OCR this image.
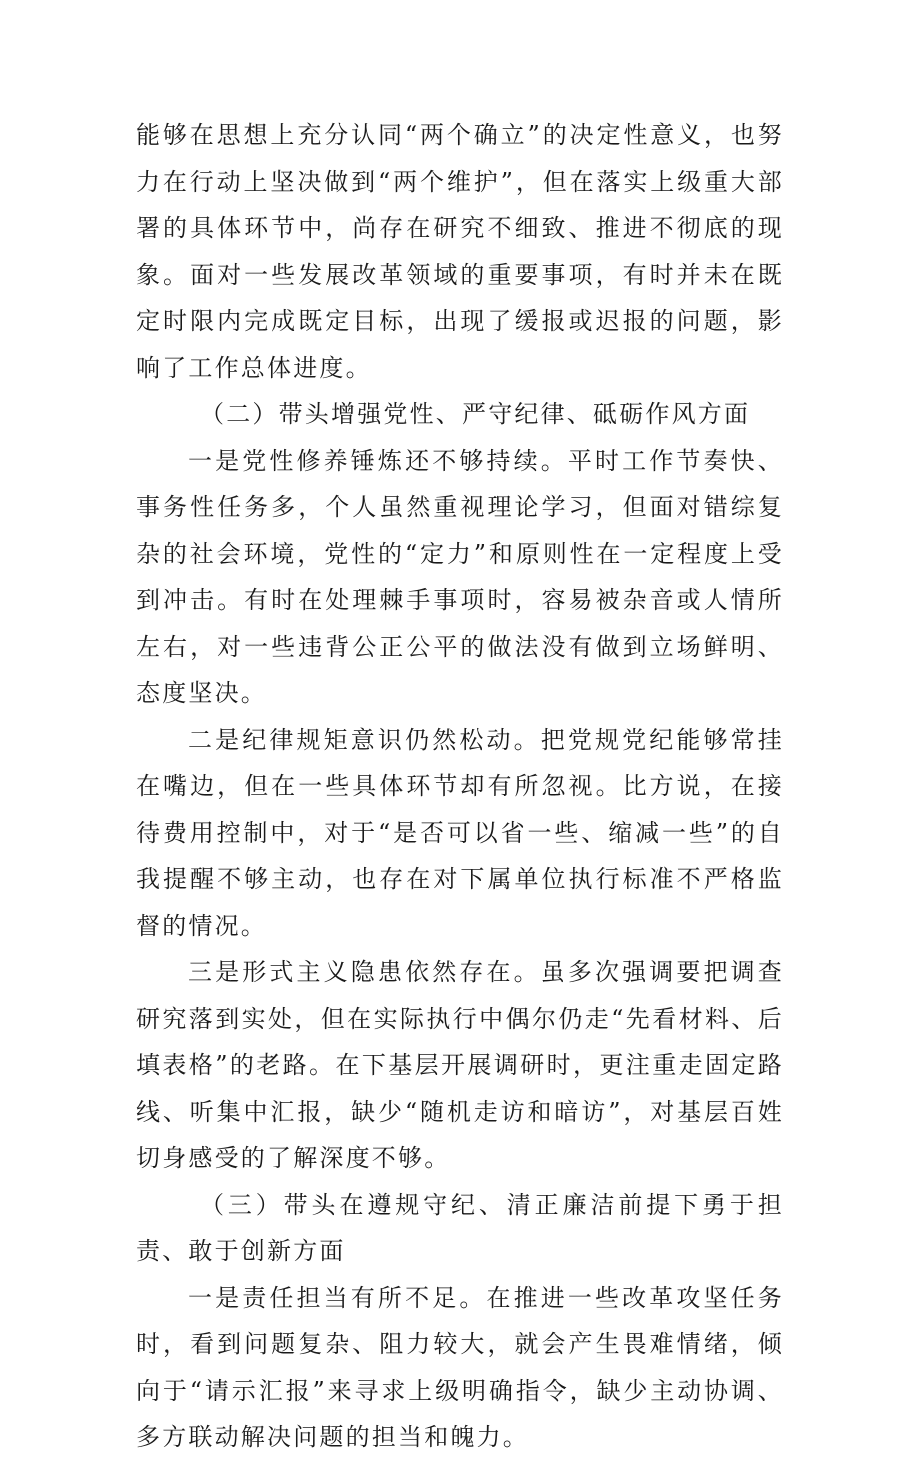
能够在思想上充分认同“两个确立”的决定性意义，也努力在行动上坚决做到“两个维护”，但在落实上级重大部署的具体环节中，尚存在研究不细致、推进不彻底的现象。面对一些发展改革领域的重要事项，有时并未在既定时限内完成既定目标，出现了缓报或迟报的问题，影响了工作总体进度。

（二）带头增强党性、严守纪律、砥砺作风方面

一是党性修养锤炼还不够持续。平时工作节奏快、事务性任务多，个人虽然重视理论学习，但面对错综复杂的社会环境，党性的“定力”和原则性在一定程度上受到冲击。有时在处理棘手事项时，容易被杂音或人情所左右，对一些违背公正公平的做法没有做到立场鲜明、态度坚决。

二是纪律规矩意识仍然松动。把党规党纪能够常挂在嘴边，但在一些具体环节却有所忽视。比方说，在接待费用控制中，对于“是否可以省一些、缩减一些”的自我提醒不够主动，也存在对下属单位执行标准不严格监督的情况。

三是形式主义隐患依然存在。虽多次强调要把调查研究落到实处，但在实际执行中偶尔仍走“先看材料、后填表格”的老路。在下基层开展调研时，更注重走固定路线、听集中汇报，缺少“随机走访和暗访”，对基层百姓切身感受的了解深度不够。

（三）带头在遵规守纪、清正廉洁前提下勇于担责、敢于创新方面

一是责任担当有所不足。在推进一些改革攻坚任务时，看到问题复杂、阻力较大，就会产生畏难情绪，倾向于“请示汇报”来寻求上级明确指令，缺少主动协调、多方联动解决问题的担当和魄力。
